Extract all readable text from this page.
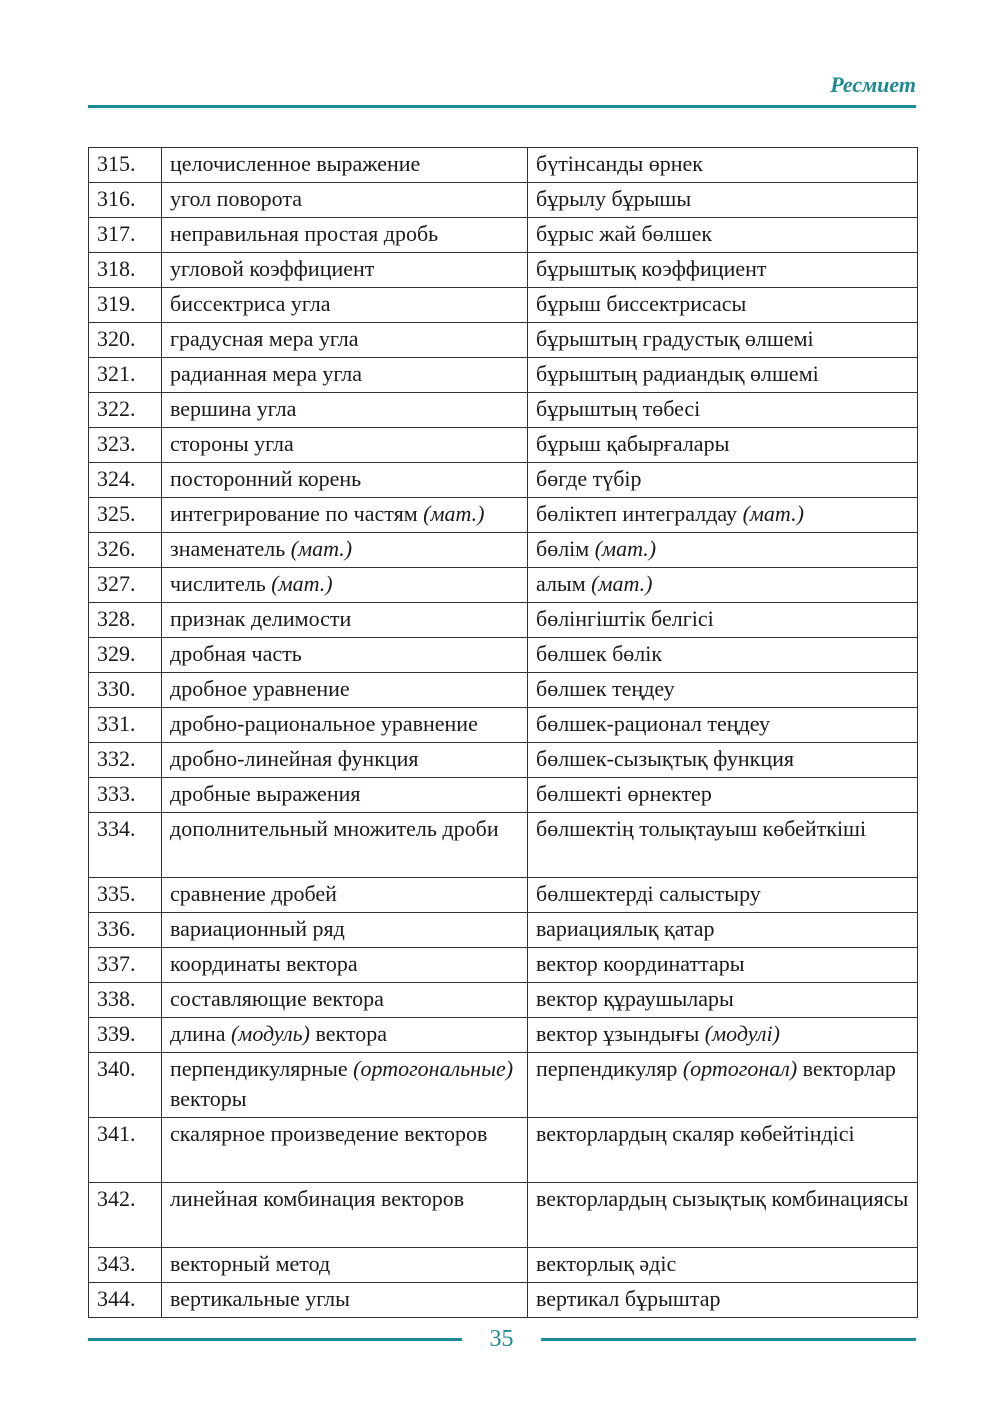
Ресмиет
315.	целочисленное выражение	бүтінсанды өрнек
316.	угол поворота	бұрылу бұрышы
317.	неправильная простая дробь	бұрыс жай бөлшек
318.	угловой коэффициент	бұрыштық коэффициент
319.	биссектриса угла	бұрыш биссектрисасы
320.	градусная мера угла	бұрыштың градустық өлшемі
321.	радианная мера угла	бұрыштың радиандық өлшемі
322.	вершина угла	бұрыштың төбесі
323.	стороны угла	бұрыш қабырғалары
324.	посторонний корень	бөгде түбір
325.	интегрирование по частям (мат.)	бөліктеп интегралдау (мат.)
326.	знаменатель (мат.)	бөлім (мат.)
327.	числитель (мат.)	алым (мат.)
328.	признак делимости	бөлінгіштік белгісі
329.	дробная часть	бөлшек бөлік
330.	дробное уравнение	бөлшек теңдеу
331.	дробно-рациональное уравнение	бөлшек-рационал теңдеу
332.	дробно-линейная функция	бөлшек-сызықтық функция
333.	дробные выражения	бөлшекті өрнектер
334.	дополнительный множитель дроби	бөлшектің толықтауыш көбейткіші
335.	сравнение дробей	бөлшектерді салыстыру
336.	вариационный ряд	вариациялық қатар
337.	координаты вектора	вектор координаттары
338.	составляющие вектора	вектор құраушылары
339.	длина (модуль) вектора	вектор ұзындығы (модулі)
340.	перпендикулярные (ортогональные) векторы	перпендикуляр (ортогонал) векторлар
341.	скалярное произведение векторов	векторлардың скаляр көбейтіндісі
342.	линейная комбинация векторов	векторлардың сызықтық комбинациясы
343.	векторный метод	векторлық әдіс
344.	вертикальные углы	вертикал бұрыштар
35
